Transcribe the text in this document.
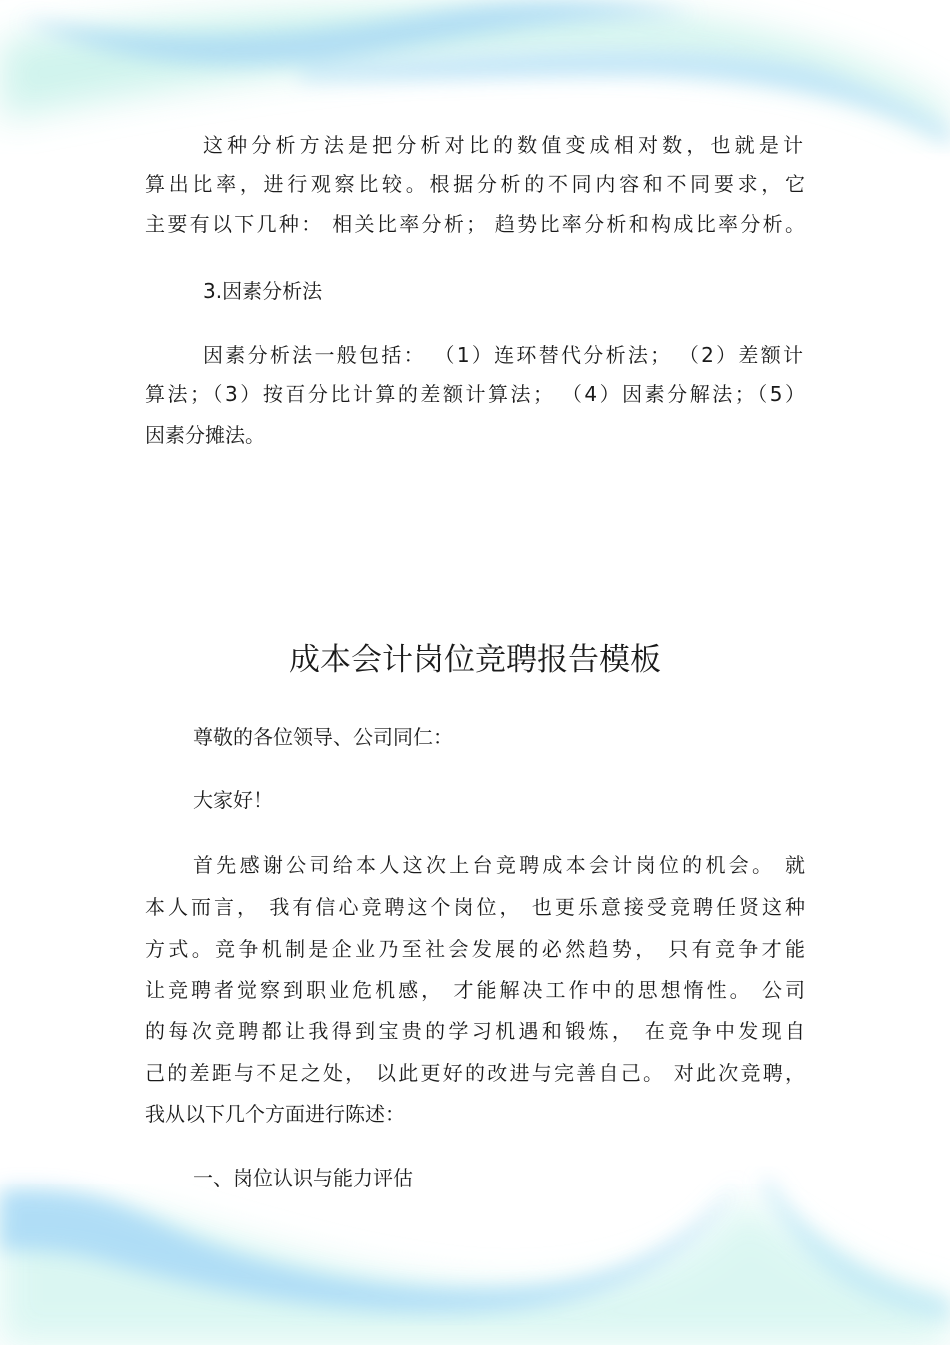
这种分析方法是把分析对比的数值变成相对数，也就是计
算出比率，进行观察比较。根据分析的不同内容和不同要求，它
主要有以下几种： 相关比率分析； 趋势比率分析和构成比率分析。
3.因素分析法
因素分析法一般包括： （1）连环替代分析法； （2）差额计
算法；（3）按百分比计算的差额计算法； （4）因素分解法；（5）
因素分摊法。
成本会计岗位竞聘报告模板
尊敬的各位领导、公司同仁：
大家好！
首先感谢公司给本人这次上台竞聘成本会计岗位的机会。 就
本人而言， 我有信心竞聘这个岗位， 也更乐意接受竞聘任贤这种
方式。竞争机制是企业乃至社会发展的必然趋势， 只有竞争才能
让竞聘者觉察到职业危机感， 才能解决工作中的思想惰性。 公司
的每次竞聘都让我得到宝贵的学习机遇和锻炼， 在竞争中发现自
己的差距与不足之处， 以此更好的改进与完善自己。 对此次竞聘，
我从以下几个方面进行陈述：
一、岗位认识与能力评估
